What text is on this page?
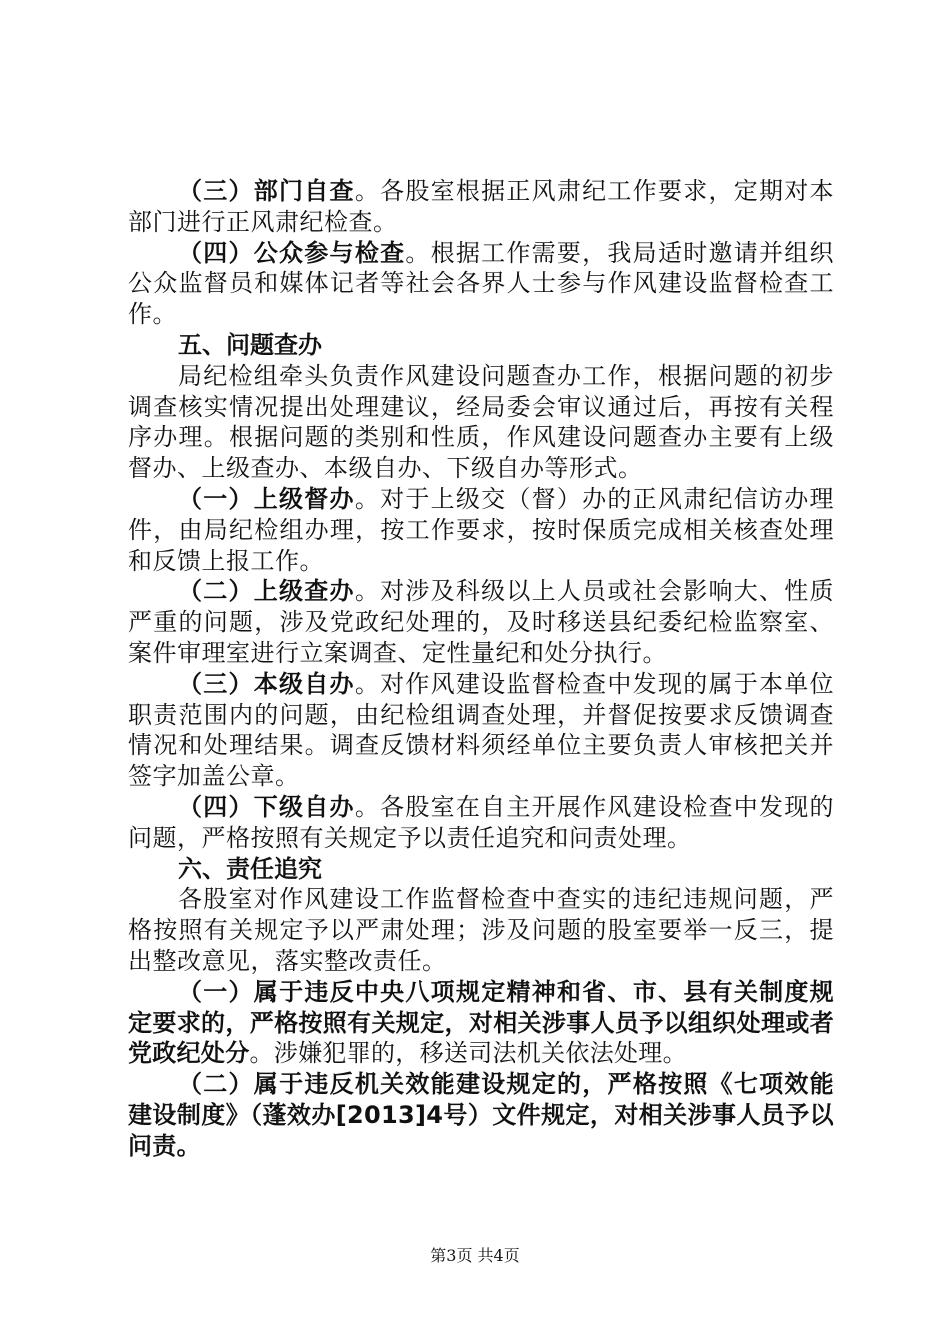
（三）部门自查。各股室根据正风肃纪工作要求，定期对本部门进行正风肃纪检查。

（四）公众参与检查。根据工作需要，我局适时邀请并组织公众监督员和媒体记者等社会各界人士参与作风建设监督检查工作。

五、问题查办

局纪检组牵头负责作风建设问题查办工作，根据问题的初步调查核实情况提出处理建议，经局委会审议通过后，再按有关程序办理。根据问题的类别和性质，作风建设问题查办主要有上级督办、上级查办、本级自办、下级自办等形式。

（一）上级督办。对于上级交（督）办的正风肃纪信访办理件，由局纪检组办理，按工作要求，按时保质完成相关核查处理和反馈上报工作。

（二）上级查办。对涉及科级以上人员或社会影响大、性质严重的问题，涉及党政纪处理的，及时移送县纪委纪检监察室、案件审理室进行立案调查、定性量纪和处分执行。

（三）本级自办。对作风建设监督检查中发现的属于本单位职责范围内的问题，由纪检组调查处理，并督促按要求反馈调查情况和处理结果。调查反馈材料须经单位主要负责人审核把关并签字加盖公章。

（四）下级自办。各股室在自主开展作风建设检查中发现的问题，严格按照有关规定予以责任追究和问责处理。

六、责任追究

各股室对作风建设工作监督检查中查实的违纪违规问题，严格按照有关规定予以严肃处理；涉及问题的股室要举一反三，提出整改意见，落实整改责任。

（一）属于违反中央八项规定精神和省、市、县有关制度规定要求的，严格按照有关规定，对相关涉事人员予以组织处理或者党政纪处分。涉嫌犯罪的，移送司法机关依法处理。

（二）属于违反机关效能建设规定的，严格按照《七项效能建设制度》（蓬效办[2013]4号）文件规定，对相关涉事人员予以问责。

第3页 共4页
